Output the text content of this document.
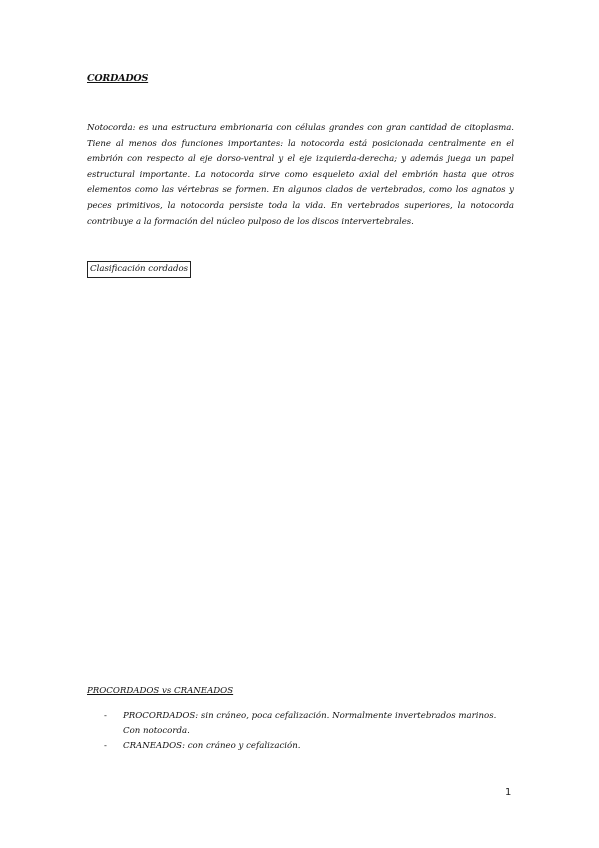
CORDADOS

Notocorda: es una estructura embrionaria con células grandes con gran cantidad de citoplasma. Tiene al menos dos funciones importantes: la notocorda está posicionada centralmente en el embrión con respecto al eje dorso-ventral y el eje izquierda-derecha; y además juega un papel estructural importante. La notocorda sirve como esqueleto axial del embrión hasta que otros elementos como las vértebras se formen. En algunos clados de vertebrados, como los agnatos y peces primitivos, la notocorda persiste toda la vida. En vertebrados superiores, la notocorda contribuye a la formación del núcleo pulposo de los discos intervertebrales.

Clasificación cordados
PROCORDADOS vs CRANEADOS
- PROCORDADOS: sin cráneo, poca cefalización. Normalmente invertebrados marinos. Con notocorda.
- CRANEADOS: con cráneo y cefalización.
1
